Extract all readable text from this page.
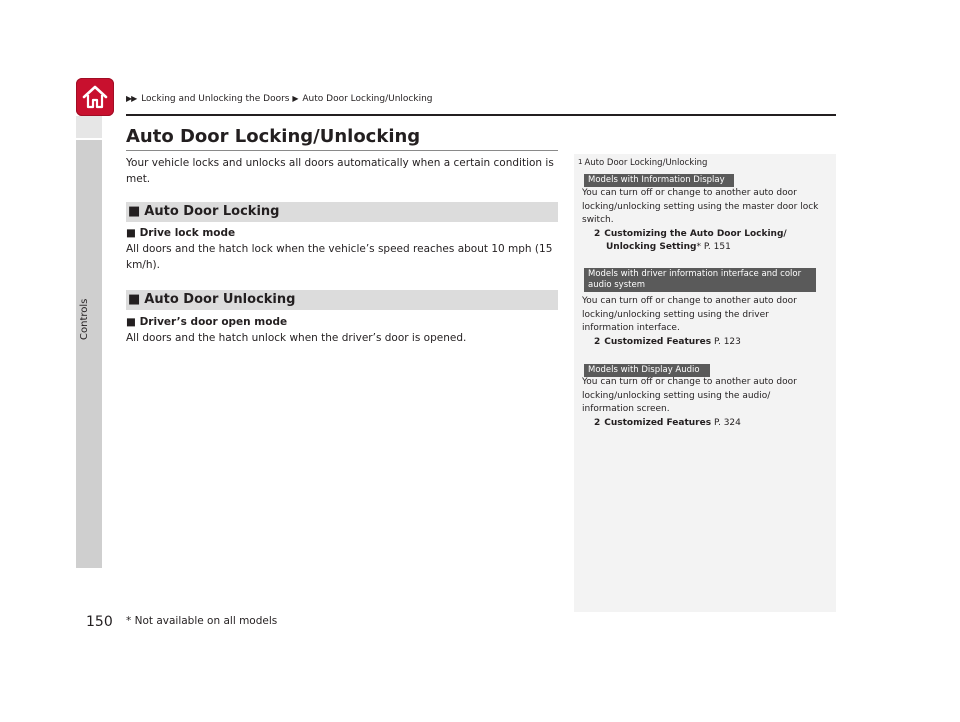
Controls
▶▶ Locking and Unlocking the Doors ▶ Auto Door Locking/Unlocking
Auto Door Locking/Unlocking
Your vehicle locks and unlocks all doors automatically when a certain condition is met.
■ Auto Door Locking
■ Drive lock mode
All doors and the hatch lock when the vehicle’s speed reaches about 10 mph (15 km/h).
■ Auto Door Unlocking
■ Driver’s door open mode
All doors and the hatch unlock when the driver’s door is opened.
$^1$ Auto Door Locking/Unlocking
Models with Information Display
You can turn off or change to another auto door locking/unlocking setting using the master door lock switch.
2 Customizing the Auto Door Locking/
Unlocking Setting* P. 151
Models with driver information interface and color audio system
You can turn off or change to another auto door locking/unlocking setting using the driver information interface.
2 Customized Features P. 123
Models with Display Audio
You can turn off or change to another auto door locking/unlocking setting using the audio/ information screen.
2 Customized Features P. 324
150 * Not available on all models
